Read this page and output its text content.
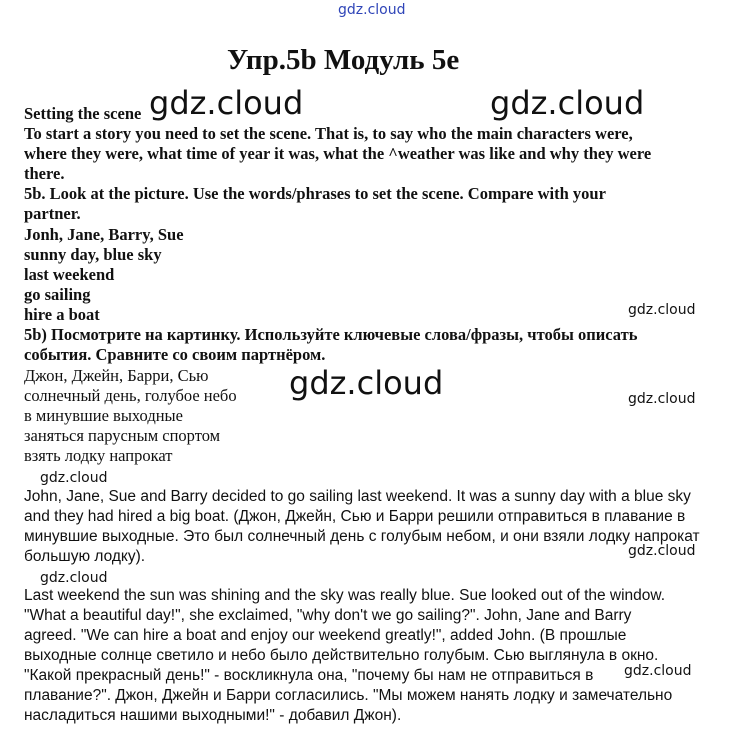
gdz.cloud
Упр.5b Модуль 5e
Setting the scene
To start a story you need to set the scene. That is, to say who the main characters were,
where they were, what time of year it was, what the ^weather was like and why they were
there.
5b. Look at the picture. Use the words/phrases to set the scene. Compare with your
partner.
Jonh, Jane, Barry, Sue
sunny day, blue sky
last weekend
go sailing
hire a boat
5b) Посмотрите на картинку. Используйте ключевые слова/фразы, чтобы описать
события. Сравните со своим партнёром.
Джон, Джейн, Барри, Сью
солнечный день, голубое небо
в минувшие выходные
заняться парусным спортом
взять лодку напрокат
John, Jane, Sue and Barry decided to go sailing last weekend. It was a sunny day with a blue sky
and they had hired a big boat. (Джон, Джейн, Сью и Барри решили отправиться в плавание в
минувшие выходные. Это был солнечный день с голубым небом, и они взяли лодку напрокат
большую лодку).
Last weekend the sun was shining and the sky was really blue. Sue looked out of the window.
"What a beautiful day!", she exclaimed, "why don't we go sailing?". John, Jane and Barry
agreed. "We can hire a boat and enjoy our weekend greatly!", added John. (В прошлые
выходные солнце светило и небо было действительно голубым. Сью выглянула в окно.
"Какой прекрасный день!" - воскликнула она, "почему бы нам не отправиться в
плавание?". Джон, Джейн и Барри согласились. "Мы можем нанять лодку и замечательно
насладиться нашими выходными!" - добавил Джон).
gdz.cloud	gdz.cloud
gdz.cloud
gdz.cloud
gdz.cloud
gdz.cloud
gdz.cloud
gdz.cloud
gdz.cloud
